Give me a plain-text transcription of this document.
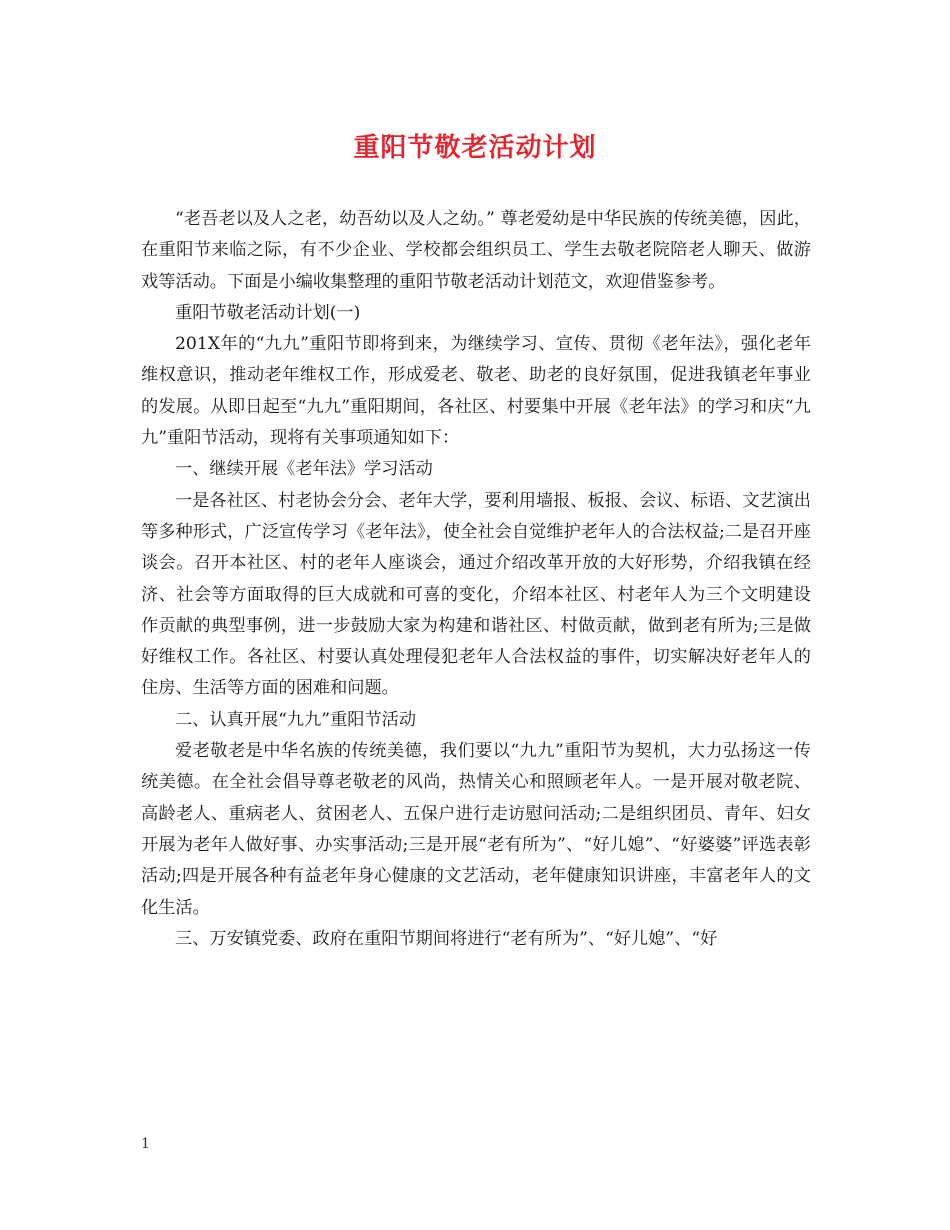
重阳节敬老活动计划

“老吾老以及人之老，幼吾幼以及人之幼。” 尊老爱幼是中华民族的传统美德，因此，在重阳节来临之际，有不少企业、学校都会组织员工、学生去敬老院陪老人聊天、做游戏等活动。下面是小编收集整理的重阳节敬老活动计划范文，欢迎借鉴参考。

重阳节敬老活动计划(一)

201X年的“九九”重阳节即将到来，为继续学习、宣传、贯彻《老年法》，强化老年维权意识，推动老年维权工作，形成爱老、敬老、助老的良好氛围，促进我镇老年事业的发展。从即日起至“九九”重阳期间，各社区、村要集中开展《老年法》的学习和庆“九九”重阳节活动，现将有关事项通知如下：

一、继续开展《老年法》学习活动

一是各社区、村老协会分会、老年大学，要利用墙报、板报、会议、标语、文艺演出等多种形式，广泛宣传学习《老年法》，使全社会自觉维护老年人的合法权益;二是召开座谈会。召开本社区、村的老年人座谈会，通过介绍改革开放的大好形势，介绍我镇在经济、社会等方面取得的巨大成就和可喜的变化，介绍本社区、村老年人为三个文明建设作贡献的典型事例，进一步鼓励大家为构建和谐社区、村做贡献，做到老有所为;三是做好维权工作。各社区、村要认真处理侵犯老年人合法权益的事件，切实解决好老年人的住房、生活等方面的困难和问题。

二、认真开展“九九”重阳节活动

爱老敬老是中华名族的传统美德，我们要以“九九”重阳节为契机，大力弘扬这一传统美德。在全社会倡导尊老敬老的风尚，热情关心和照顾老年人。一是开展对敬老院、高龄老人、重病老人、贫困老人、五保户进行走访慰问活动;二是组织团员、青年、妇女开展为老年人做好事、办实事活动;三是开展“老有所为”、“好儿媳”、“好婆婆”评选表彰活动;四是开展各种有益老年身心健康的文艺活动，老年健康知识讲座，丰富老年人的文化生活。

三、万安镇党委、政府在重阳节期间将进行“老有所为”、“好儿媳”、“好

1
